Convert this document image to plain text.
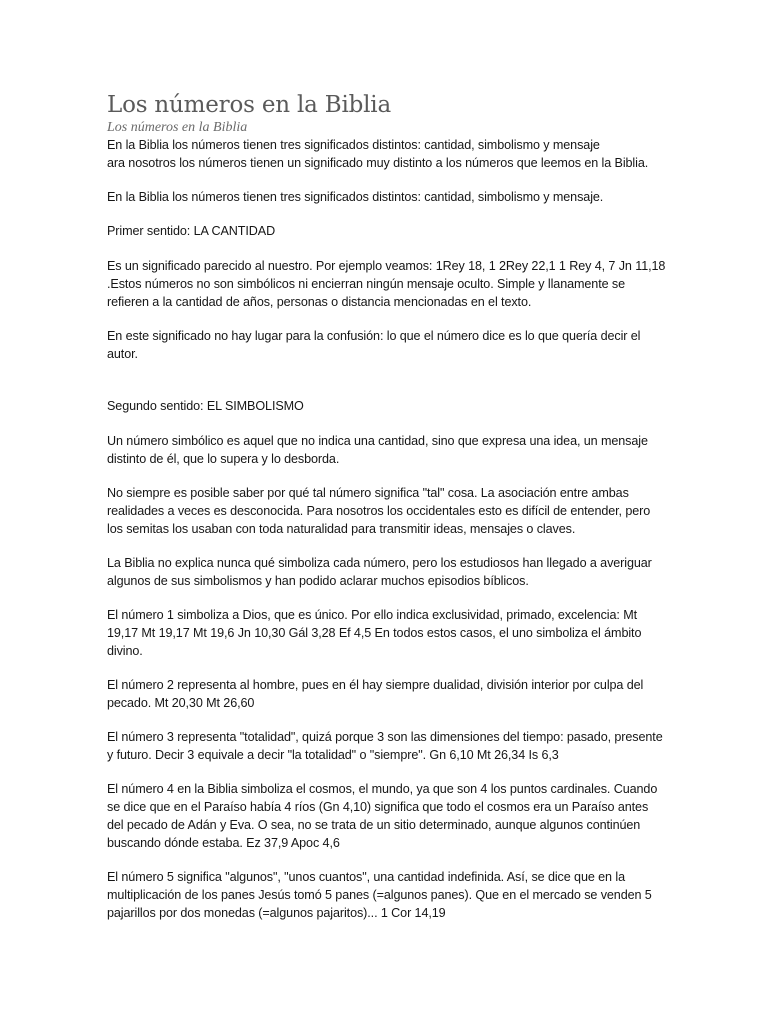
Los números en la Biblia
Los números en la Biblia

En la Biblia los números tienen tres significados distintos: cantidad, simbolismo y mensaje

ara nosotros los números tienen un significado muy distinto a los números que leemos en la Biblia.

En la Biblia los números tienen tres significados distintos: cantidad, simbolismo y mensaje.

Primer sentido: LA CANTIDAD

Es un significado parecido al nuestro. Por ejemplo veamos: 1Rey 18, 1 2Rey 22,1 1 Rey 4, 7 Jn 11,18 .Estos números no son simbólicos ni encierran ningún mensaje oculto. Simple y llanamente se refieren a la cantidad de años, personas o distancia mencionadas en el texto.

En este significado no hay lugar para la confusión: lo que el número dice es lo que quería decir el autor.

Segundo sentido: EL SIMBOLISMO

Un número simbólico es aquel que no indica una cantidad, sino que expresa una idea, un mensaje distinto de él, que lo supera y lo desborda.

No siempre es posible saber por qué tal número significa "tal" cosa. La asociación entre ambas realidades a veces es desconocida. Para nosotros los occidentales esto es difícil de entender, pero los semitas los usaban con toda naturalidad para transmitir ideas, mensajes o claves.

La Biblia no explica nunca qué simboliza cada número, pero los estudiosos han llegado a averiguar algunos de sus simbolismos y han podido aclarar muchos episodios bíblicos.

El número 1 simboliza a Dios, que es único. Por ello indica exclusividad, primado, excelencia: Mt 19,17 Mt 19,17 Mt 19,6 Jn 10,30 Gál 3,28 Ef 4,5 En todos estos casos, el uno simboliza el ámbito divino.

El número 2 representa al hombre, pues en él hay siempre dualidad, división interior por culpa del pecado. Mt 20,30 Mt 26,60

El número 3 representa "totalidad", quizá porque 3 son las dimensiones del tiempo: pasado, presente y futuro. Decir 3 equivale a decir "la totalidad" o "siempre". Gn 6,10 Mt 26,34 Is 6,3

El número 4 en la Biblia simboliza el cosmos, el mundo, ya que son 4 los puntos cardinales. Cuando se dice que en el Paraíso había 4 ríos (Gn 4,10) significa que todo el cosmos era un Paraíso antes del pecado de Adán y Eva. O sea, no se trata de un sitio determinado, aunque algunos continúen buscando dónde estaba. Ez 37,9 Apoc 4,6

El número 5 significa "algunos", "unos cuantos", una cantidad indefinida. Así, se dice que en la multiplicación de los panes Jesús tomó 5 panes (=algunos panes). Que en el mercado se venden 5 pajarillos por dos monedas (=algunos pajaritos)... 1 Cor 14,19
